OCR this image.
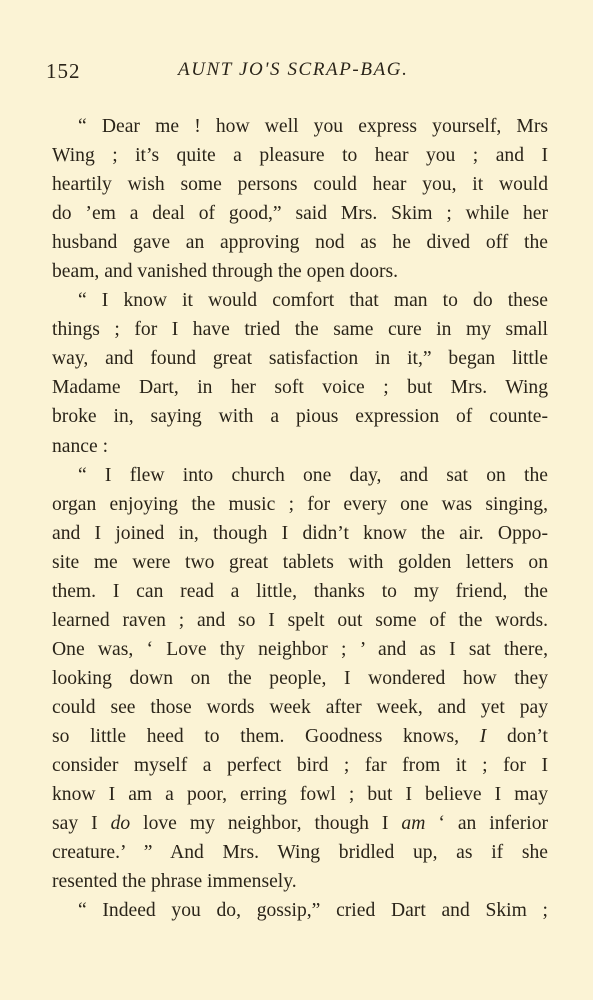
152	AUNT JO'S SCRAP-BAG.
“ Dear me ! how well you express yourself, Mrs
Wing ; it’s quite a pleasure to hear you ; and I
heartily wish some persons could hear you, it would
do ’em a deal of good,” said Mrs. Skim ; while her
husband gave an approving nod as he dived off the
beam, and vanished through the open doors.
“ I know it would comfort that man to do these
things ; for I have tried the same cure in my small
way, and found great satisfaction in it,” began little
Madame Dart, in her soft voice ; but Mrs. Wing
broke in, saying with a pious expression of counte-
nance :
“ I flew into church one day, and sat on the
organ enjoying the music ; for every one was singing,
and I joined in, though I didn’t know the air. Oppo-
site me were two great tablets with golden letters on
them. I can read a little, thanks to my friend, the
learned raven ; and so I spelt out some of the words.
One was, ‘ Love thy neighbor ; ’ and as I sat there,
looking down on the people, I wondered how they
could see those words week after week, and yet pay
so little heed to them. Goodness knows, I don’t
consider myself a perfect bird ; far from it ; for I
know I am a poor, erring fowl ; but I believe I may
say I do love my neighbor, though I am ‘ an inferior
creature.’ ” And Mrs. Wing bridled up, as if she
resented the phrase immensely.
“ Indeed you do, gossip,” cried Dart and Skim ;
